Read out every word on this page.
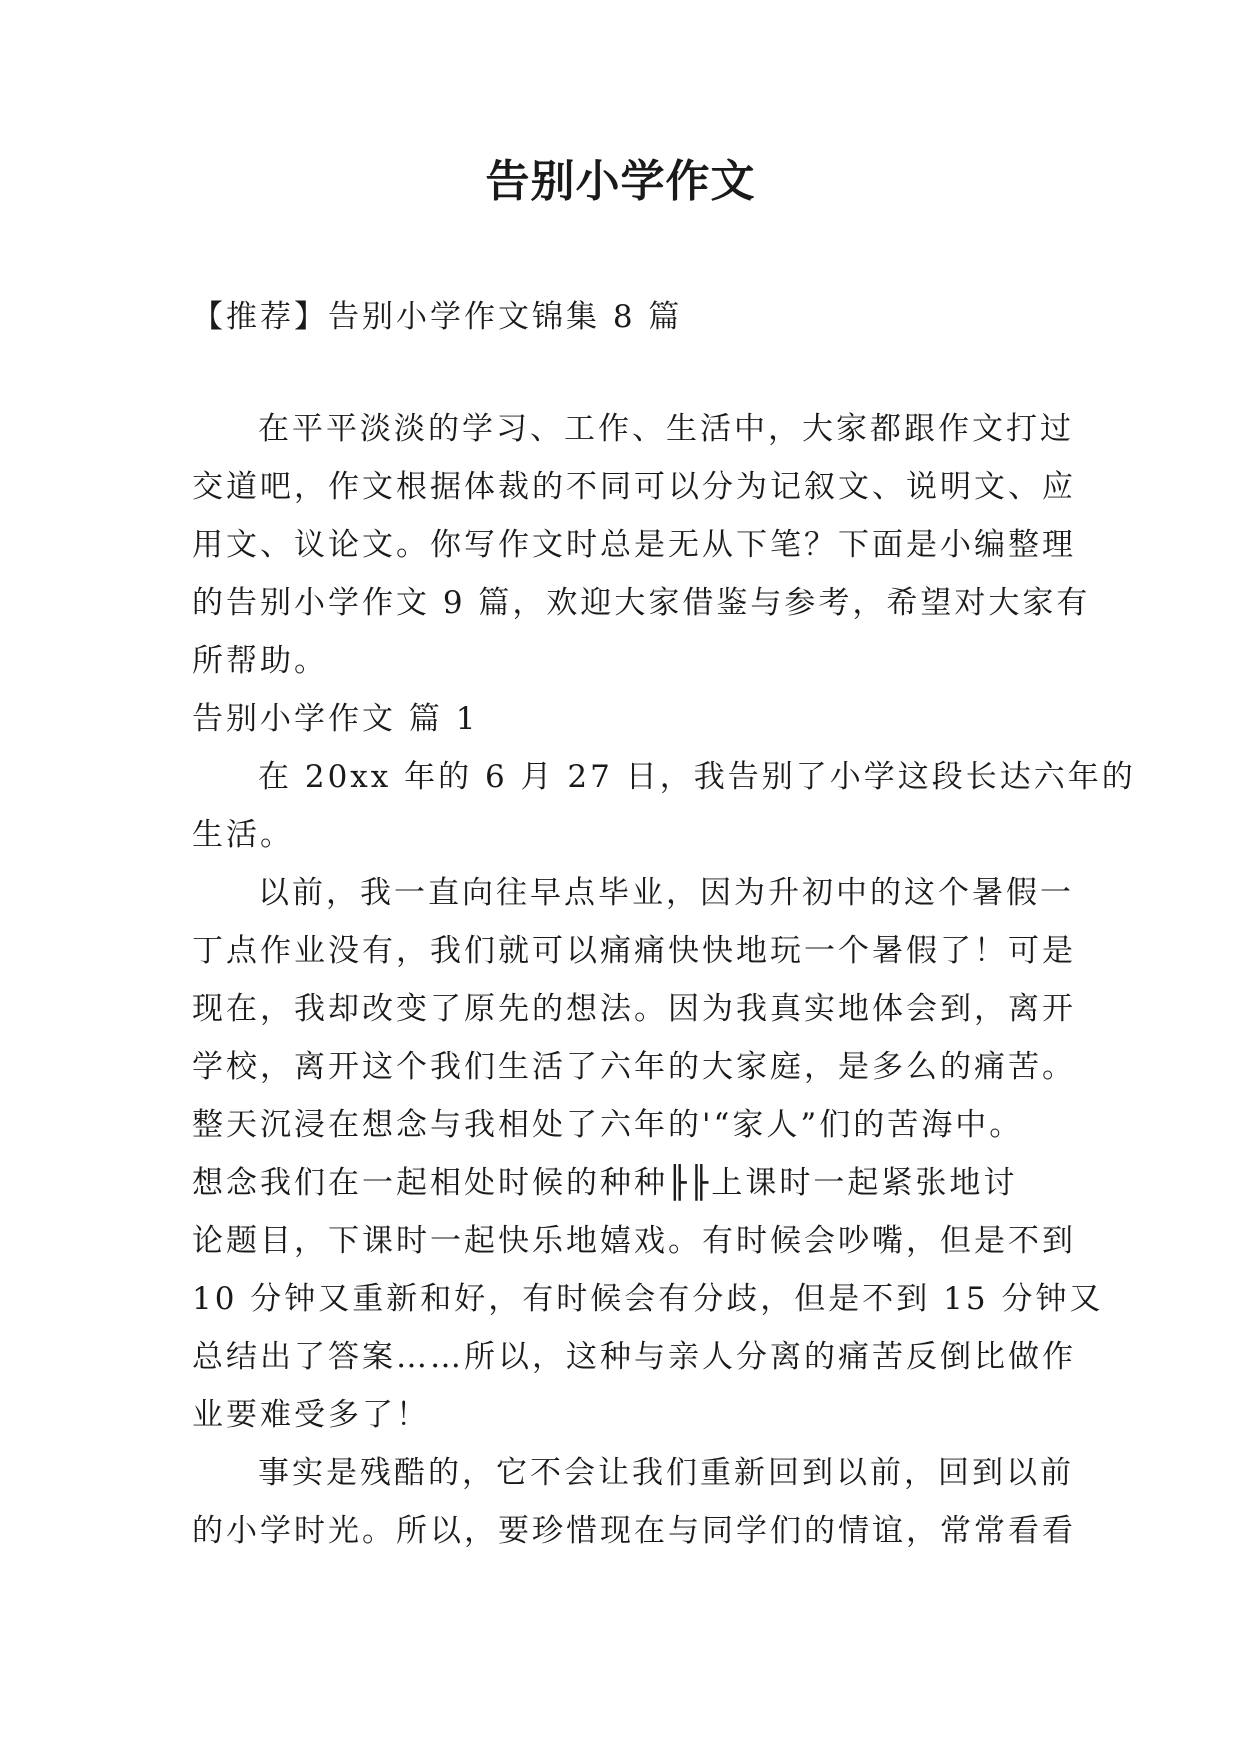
告别小学作文
【推荐】告别小学作文锦集 8 篇
在平平淡淡的学习、工作、生活中，大家都跟作文打过
交道吧，作文根据体裁的不同可以分为记叙文、说明文、应
用文、议论文。你写作文时总是无从下笔？下面是小编整理
的告别小学作文 9 篇，欢迎大家借鉴与参考，希望对大家有
所帮助。
告别小学作文 篇 1
在 20xx 年的 6 月 27 日，我告别了小学这段长达六年的
生活。
以前，我一直向往早点毕业，因为升初中的这个暑假一
丁点作业没有，我们就可以痛痛快快地玩一个暑假了！可是
现在，我却改变了原先的想法。因为我真实地体会到，离开
学校，离开这个我们生活了六年的大家庭，是多么的痛苦。
整天沉浸在想念与我相处了六年的'“家人”们的苦海中。
想念我们在一起相处时候的种种╟╟上课时一起紧张地讨
论题目，下课时一起快乐地嬉戏。有时候会吵嘴，但是不到
10 分钟又重新和好，有时候会有分歧，但是不到 15 分钟又
总结出了答案……所以，这种与亲人分离的痛苦反倒比做作
业要难受多了！
事实是残酷的，它不会让我们重新回到以前，回到以前
的小学时光。所以，要珍惜现在与同学们的情谊，常常看看
